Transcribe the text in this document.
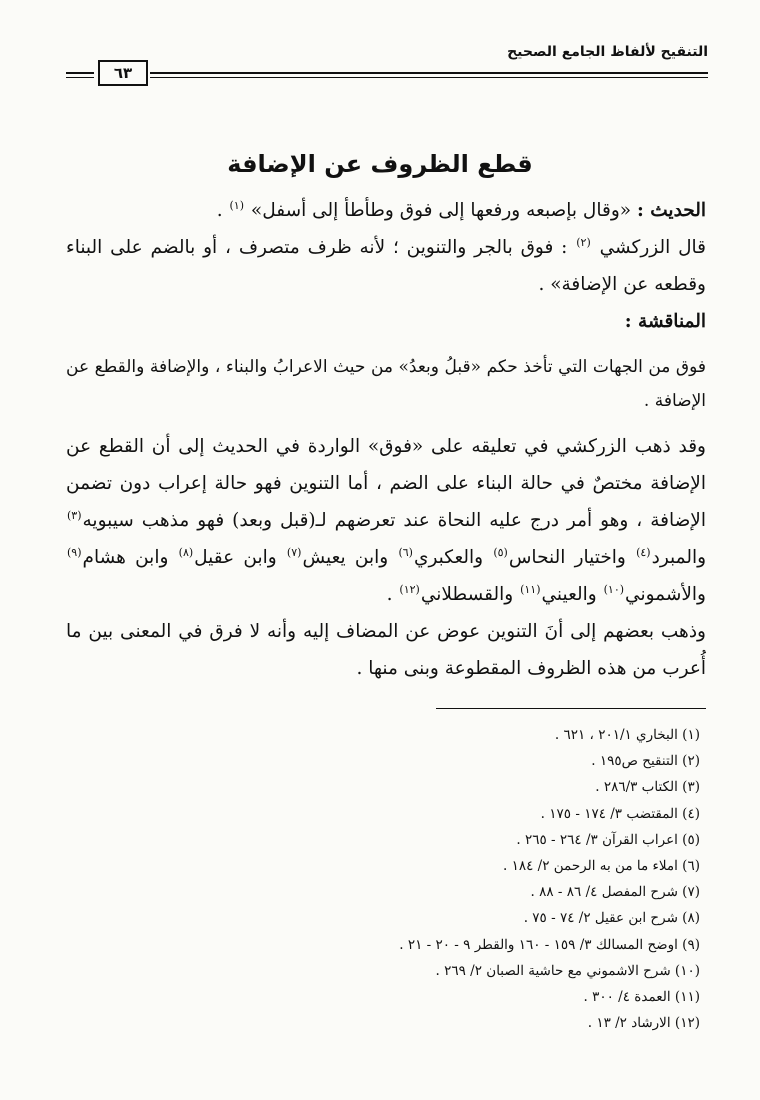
التنقيح لألفاظ الجامع الصحيح
٦٣
قطع الظروف عن الإضافة

الحديث : «وقال بإصبعه ورفعها إلى فوق وطأطأ إلى أسفل» $^{(١)}$ .

قال الزركشي $^{(٢)}$ : فوق بالجر والتنوين ؛ لأنه ظرف متصرف ، أو بالضم على البناء وقطعه عن الإضافة» .

المناقشة :

فوق من الجهات التي تأخذ حكم «قبلُ وبعدُ» من حيث الاعرابُ والبناء ، والإضافة والقطع عن الإضافة .

وقد ذهب الزركشي في تعليقه على «فوق» الواردة في الحديث إلى أن القطع عن الإضافة مختصٌ في حالة البناء على الضم ، أما التنوين فهو حالة إعراب دون تضمن الإضافة ، وهو أمر درج عليه النحاة عند تعرضهم لـ(قبل وبعد) فهو مذهب سيبويه$^{(٣)}$ والمبرد$^{(٤)}$ واختيار النحاس$^{(٥)}$ والعكبري$^{(٦)}$ وابن يعيش$^{(٧)}$ وابن عقيل$^{(٨)}$ وابن هشام$^{(٩)}$ والأشموني$^{(١٠)}$ والعيني$^{(١١)}$ والقسطلاني$^{(١٢)}$ .

وذهب بعضهم إلى أنَ التنوين عوض عن المضاف إليه وأنه لا فرق في المعنى بين ما أُعرب من هذه الظروف المقطوعة وبنى منها .

(١) البخاري ٢٠١/١ ، ٦٢١ .
(٢) التنقيح ص١٩٥ .
(٣) الكتاب ٢٨٦/٣ .
(٤) المقتضب ٣/ ١٧٤ - ١٧٥ .
(٥) اعراب القرآن ٣/ ٢٦٤ - ٢٦٥ .
(٦) املاء ما من به الرحمن ٢/ ١٨٤ .
(٧) شرح المفصل ٤/ ٨٦ - ٨٨ .
(٨) شرح ابن عقيل ٢/ ٧٤ - ٧٥ .
(٩) اوضح المسالك ٣/ ١٥٩ - ١٦٠ والقطر ٩ - ٢٠ - ٢١ .
(١٠) شرح الاشموني مع حاشية الصبان ٢/ ٢٦٩ .
(١١) العمدة ٤/ ٣٠٠ .
(١٢) الارشاد ٢/ ١٣ .
